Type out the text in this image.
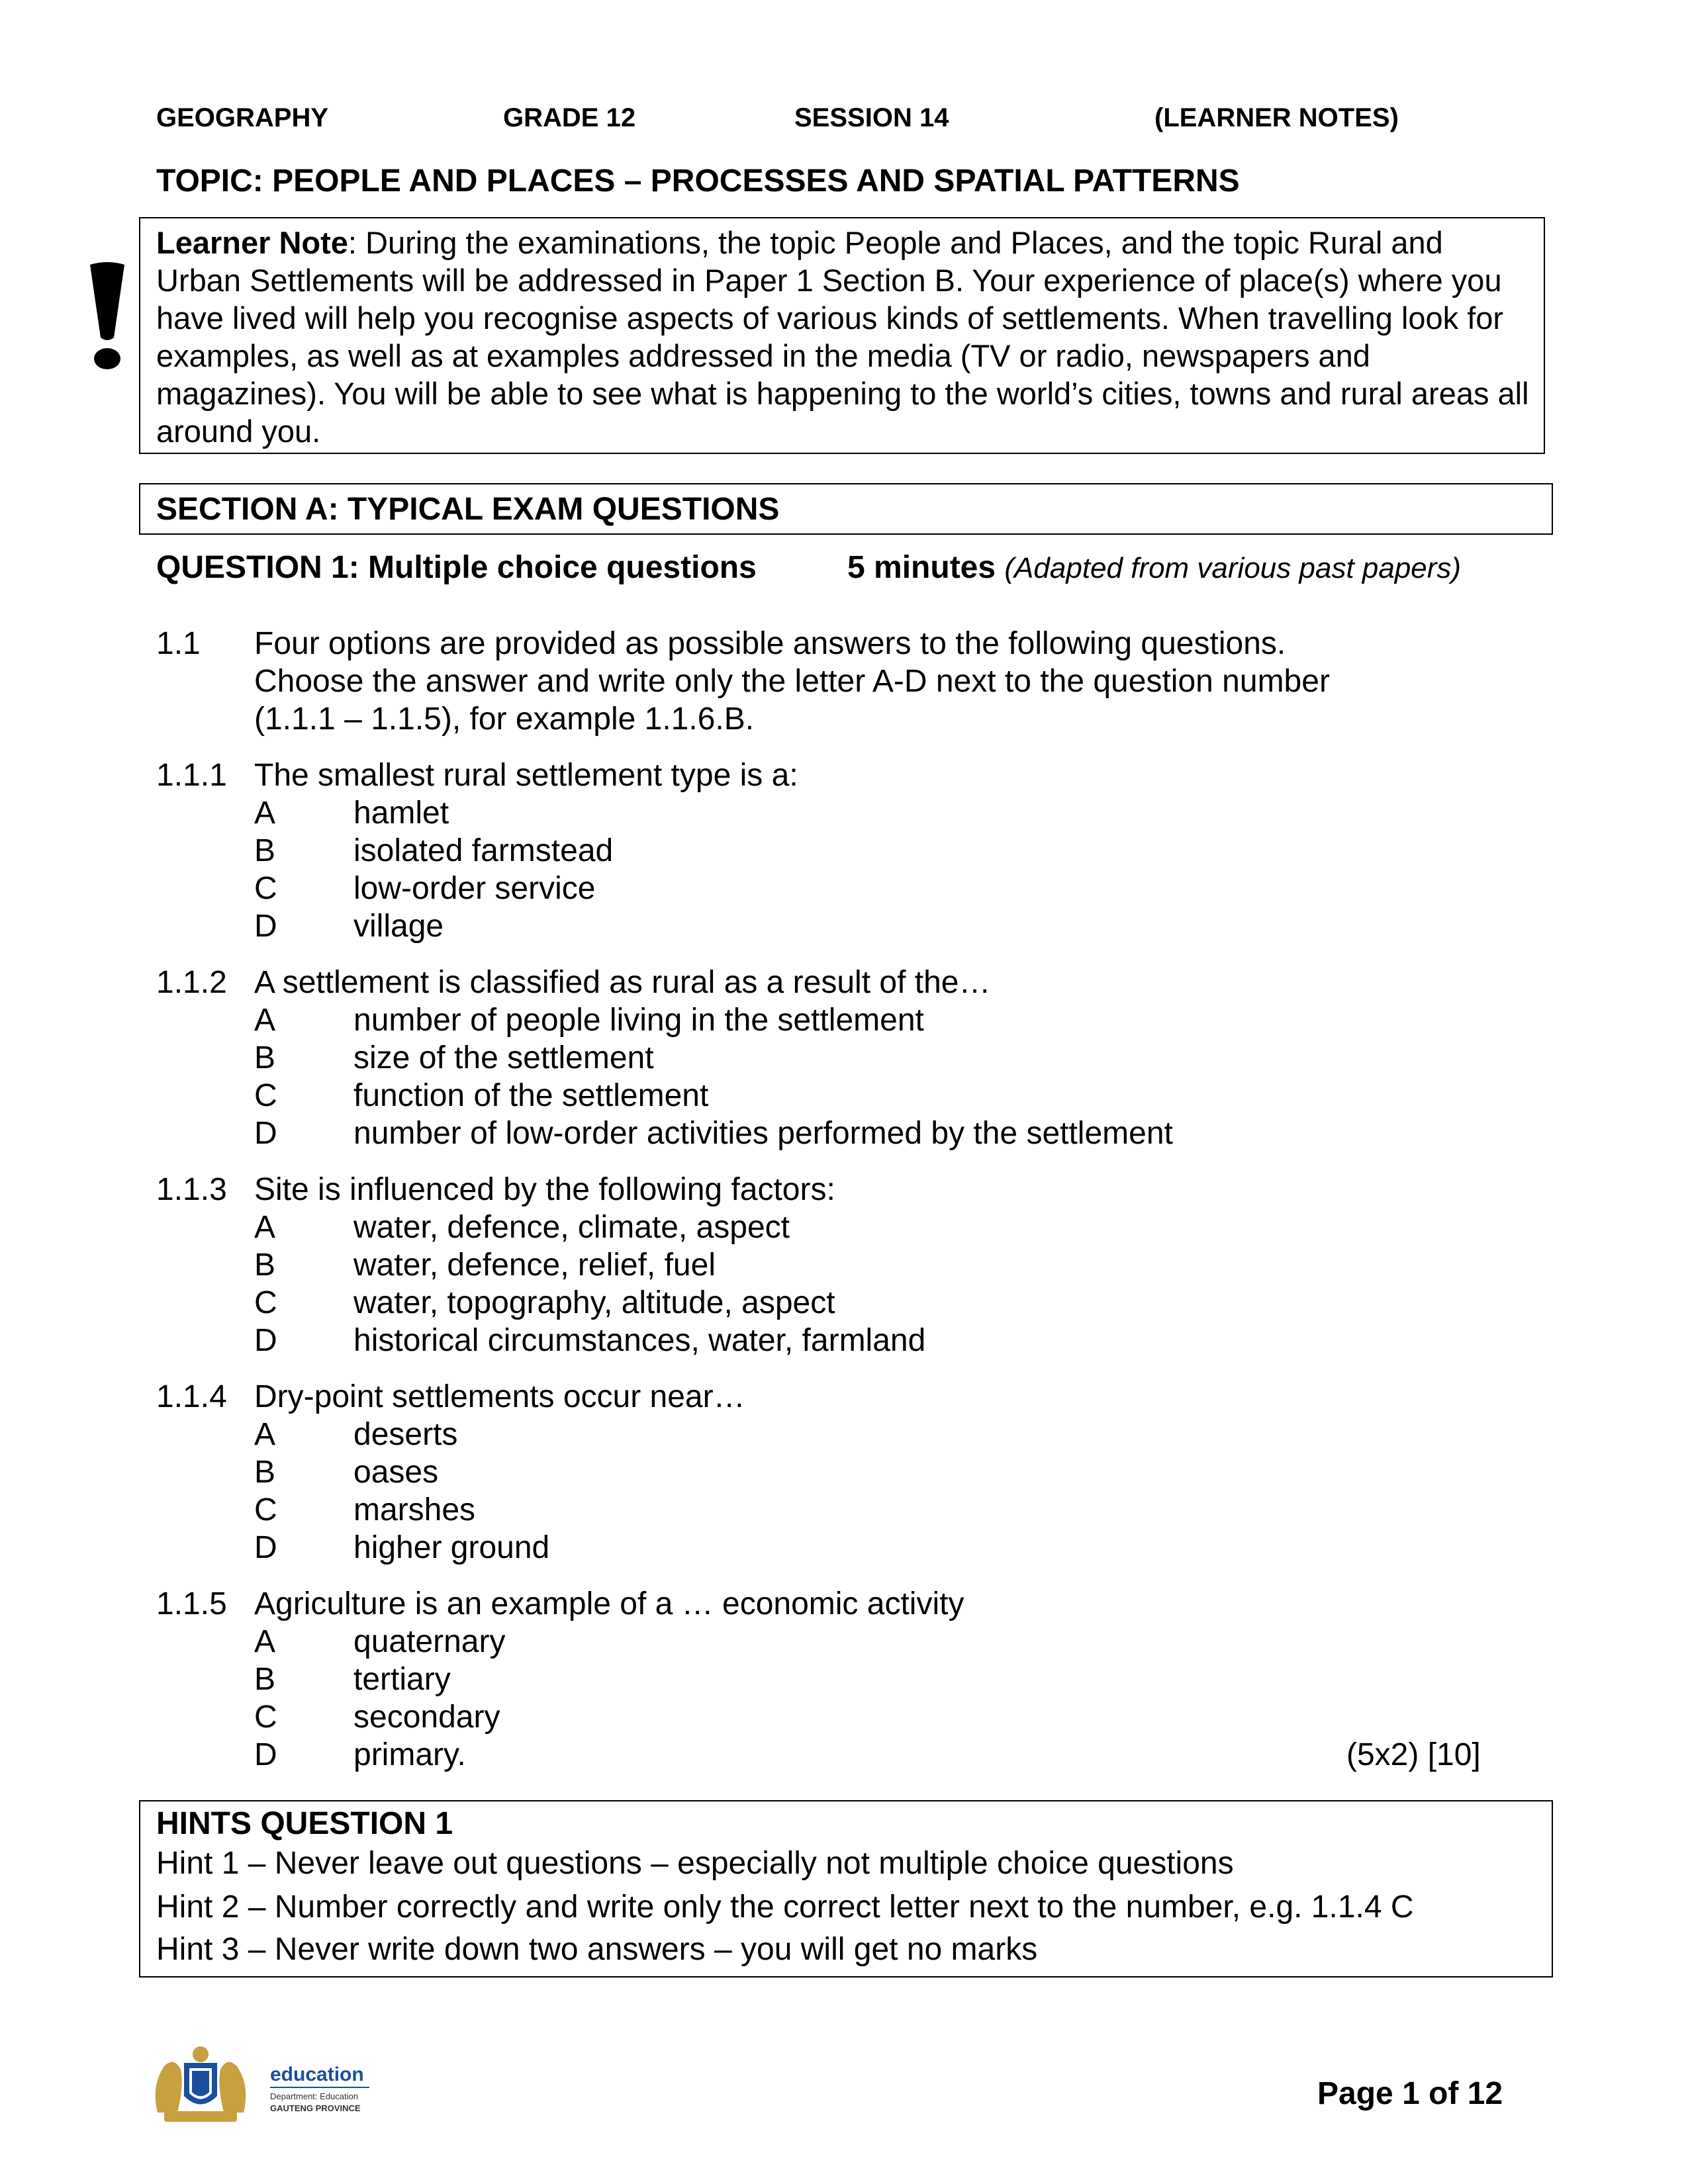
GEOGRAPHY	GRADE 12	SESSION 14	(LEARNER NOTES)
TOPIC: PEOPLE AND PLACES – PROCESSES AND SPATIAL PATTERNS
Learner Note: During the examinations, the topic People and Places, and the topic Rural and Urban Settlements will be addressed in Paper 1 Section B. Your experience of place(s) where you have lived will help you recognise aspects of various kinds of settlements. When travelling look for examples, as well as at examples addressed in the media (TV or radio, newspapers and magazines). You will be able to see what is happening to the world’s cities, towns and rural areas all around you.
SECTION A: TYPICAL EXAM QUESTIONS
QUESTION 1: Multiple choice questions	5 minutes (Adapted from various past papers)
1.1 Four options are provided as possible answers to the following questions.
Choose the answer and write only the letter A-D next to the question number
(1.1.1 – 1.1.5), for example 1.1.6.B.
1.1.1 The smallest rural settlement type is a:
A hamlet
B isolated farmstead
C low-order service
D village
1.1.2 A settlement is classified as rural as a result of the…
A number of people living in the settlement
B size of the settlement
C function of the settlement
D number of low-order activities performed by the settlement
1.1.3 Site is influenced by the following factors:
A water, defence, climate, aspect
B water, defence, relief, fuel
C water, topography, altitude, aspect
D historical circumstances, water, farmland
1.1.4 Dry-point settlements occur near…
A deserts
B oases
C marshes
D higher ground
1.1.5 Agriculture is an example of a … economic activity
A quaternary
B tertiary
C secondary
D primary.	(5x2) [10]
HINTS QUESTION 1
Hint 1 – Never leave out questions – especially not multiple choice questions
Hint 2 – Number correctly and write only the correct letter next to the number, e.g. 1.1.4 C
Hint 3 – Never write down two answers – you will get no marks
education
Department: Education
GAUTENG PROVINCE	Page 1 of 12
